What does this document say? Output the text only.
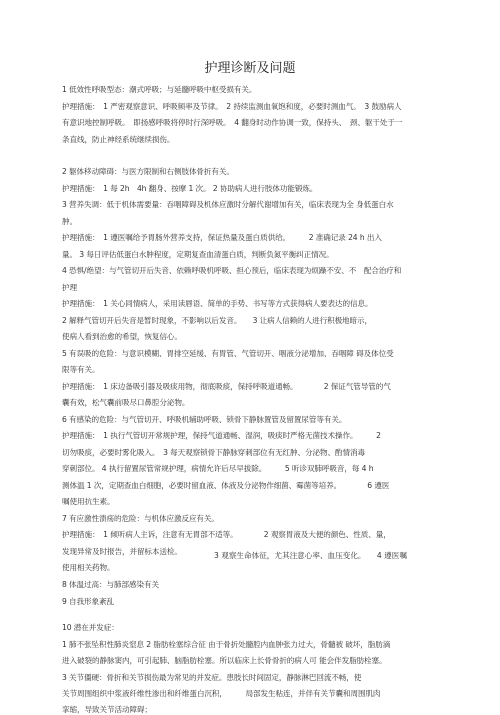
护理诊断及问题
1 低效性呼吸型态：潮式呼吸；与延髓呼吸中枢受损有关。
护理措施：　1 严密观察意识、呼吸频率及节律。　2 持续监测血氧饱和度，必要时测血气。　3 鼓励病人
有意识地控制呼吸。　即扬感呼吸将停时行深呼吸。　4 翻身时动作协调一致，保持头、　颈、躯干处于一
条直线，防止神经系统继续损伤。
2 躯体移动障碍：与医方限制和右侧肢体骨折有关。
护理措施：　1 每 2h　4h 翻身、按摩 1 次。 2 协助病人进行肢体功能锻炼。
3 营养失调：低于机体需要量：吞咽障碍及机体应激时分解代谢增加有关，临床表现为全 身低蛋白水
肿。
护理措施：　1 遵医嘱给予胃肠外营养支持，保证热量及蛋白质供给。　　　2 准确记录 24 h 出入
量。 3 每日评估低蛋白水肿程度，定期复查血清蛋白质，判断负氮平衡纠正情况。
4 恐惧/绝望：与气管切开后失音、依赖呼吸机呼吸、担心预后，临床表现为烦躁不安、不　配合治疗和
护理
护理措施：　1 关心同情病人，采用读唇语、简单的手势、书写等方式获得病人要表达的信息。
2 解释气管切开后失音是暂时现象，不影响以后发音。　　3 让病人信赖的人进行积极地暗示，
使病人看到治愈的希望，恢复信心。
5 有误吸的危险：与意识模糊、胃排空延缓、有胃管、气管切开、咽液分泌增加、吞咽障 碍及体位受
限等有关。
护理措施：　1 床边备吸引器及吸痰用物，彻底吸痰，保持呼吸道通畅。　　　　2 保证气管导管的气
囊有效，松气囊前吸尽口鼻腔分泌物。
6 有感染的危险：与气管切开、呼吸机辅助呼吸、锁骨下静脉置管及留置尿管等有关。
护理措施：　1 执行气管切开常规护理，保持气道通畅、湿润，吸痰时严格无菌技术操作。　　　2
切勿吸痰，必要时雾化吸入。　3 每天观察锁骨下静脉穿刺部位有无红肿、分泌物、酌情消毒
穿刺部位。 4 执行留置尿管常规护理，病情允许后尽早拔除。　　　5 听诊双肺呼吸音，每 4 h
测体温 1 次，定期查血白细胞，必要时留血液、体液及分泌物作细菌、霉菌等培养。　　　　6 遵医
嘱使用抗生素。
7 有应激性溃疡的危险：与机体应激反应有关。
护理措施：　1 倾听病人主诉，注意有无胃部不适等。　　　　2 观察胃液及大便的颜色、性质、量，
发现异常及时报告，并留标本送检。	3 观察生命体征，尤其注意心率、血压变化。　　4 遵医嘱
使用相关药物。
8 体温过高：与肺部感染有关
9 自我形象紊乱
10 潜在并发症：
1 肺不张坠积性肺炎窒息 2 脂肪栓塞综合征 由于骨折处髓腔内血肿张力过大，骨髓被 破坏，脂肪滴
进入破裂的静脉窦内，可引起肺、脑脂肪栓塞。所以临床上长骨骨折的病人可 能会伴发脂肪栓塞。
3 关节僵硬：骨折和关节损伤最为常见的并发症。患肢长时间固定，静脉淋巴回流不畅，使
关节周围组织中浆液纤维性渗出和纤维蛋白沉积，　　　局部发生粘连，并伴有关节囊和周围肌肉
挛缩，导致关节活动障碍；
